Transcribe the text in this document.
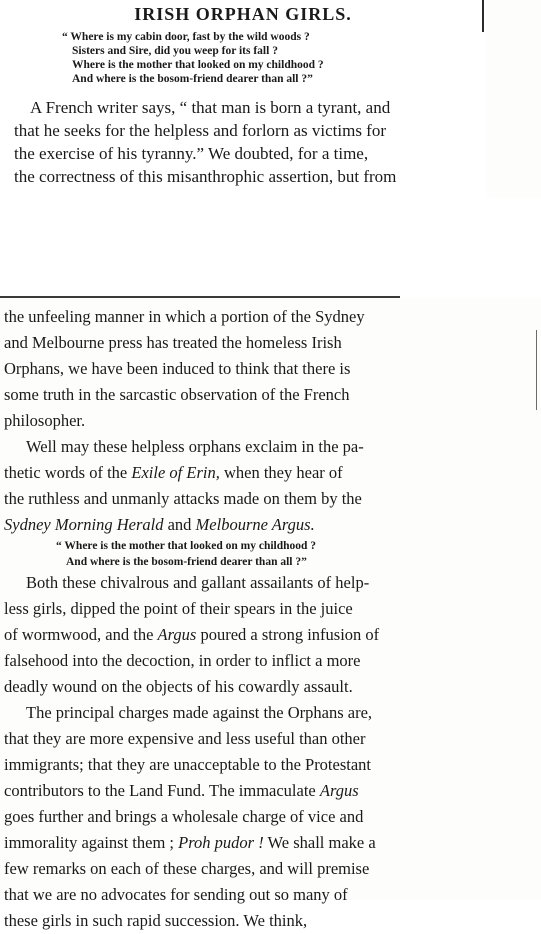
IRISH ORPHAN GIRLS.
“ Where is my cabin door, fast by the wild woods ?
Sisters and Sire, did you weep for its fall ?
Where is the mother that looked on my childhood ?
And where is the bosom-friend dearer than all ?”

A French writer says, “ that man is born a tyrant, and
that he seeks for the helpless and forlorn as victims for
the exercise of his tyranny.” We doubted, for a time,
the correctness of this misanthrophic assertion, but from

the unfeeling manner in which a portion of the Sydney
and Melbourne press has treated the homeless Irish
Orphans, we have been induced to think that there is
some truth in the sarcastic observation of the French
philosopher.
Well may these helpless orphans exclaim in the pa-
thetic words of the Exile of Erin, when they hear of
the ruthless and unmanly attacks made on them by the
Sydney Morning Herald and Melbourne Argus.
“ Where is the mother that looked on my childhood ?
And where is the bosom-friend dearer than all ?”
Both these chivalrous and gallant assailants of help-
less girls, dipped the point of their spears in the juice
of wormwood, and the Argus poured a strong infusion of
falsehood into the decoction, in order to inflict a more
deadly wound on the objects of his cowardly assault.
The principal charges made against the Orphans are,
that they are more expensive and less useful than other
immigrants; that they are unacceptable to the Protestant
contributors to the Land Fund. The immaculate Argus
goes further and brings a wholesale charge of vice and
immorality against them ; Proh pudor ! We shall make a
few remarks on each of these charges, and will premise
that we are no advocates for sending out so many of
these girls in such rapid succession. We think,
